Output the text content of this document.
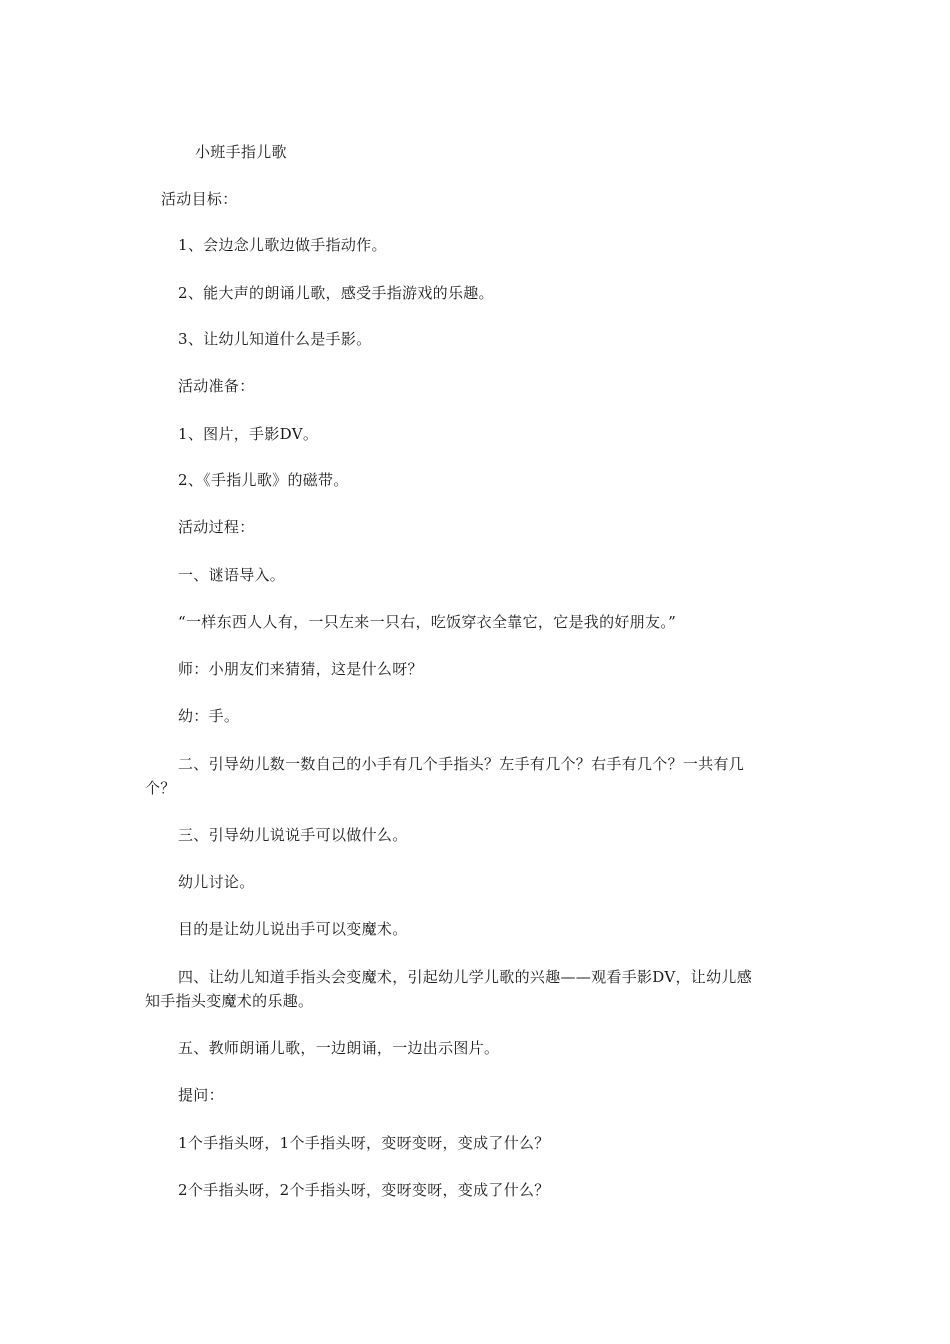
小班手指儿歌
活动目标：
1、会边念儿歌边做手指动作。
2、能大声的朗诵儿歌，感受手指游戏的乐趣。
3、让幼儿知道什么是手影。
活动准备：
1、图片，手影DV。
2、《手指儿歌》的磁带。
活动过程：
一、谜语导入。
“一样东西人人有，一只左来一只右，吃饭穿衣全靠它，它是我的好朋友。”
师：小朋友们来猜猜，这是什么呀？
幼：手。
二、引导幼儿数一数自己的小手有几个手指头？左手有几个？右手有几个？一共有几
个？
三、引导幼儿说说手可以做什么。
幼儿讨论。
目的是让幼儿说出手可以变魔术。
四、让幼儿知道手指头会变魔术，引起幼儿学儿歌的兴趣——观看手影DV，让幼儿感
知手指头变魔术的乐趣。
五、教师朗诵儿歌，一边朗诵，一边出示图片。
提问：
1个手指头呀，1个手指头呀，变呀变呀，变成了什么？
2个手指头呀，2个手指头呀，变呀变呀，变成了什么？
